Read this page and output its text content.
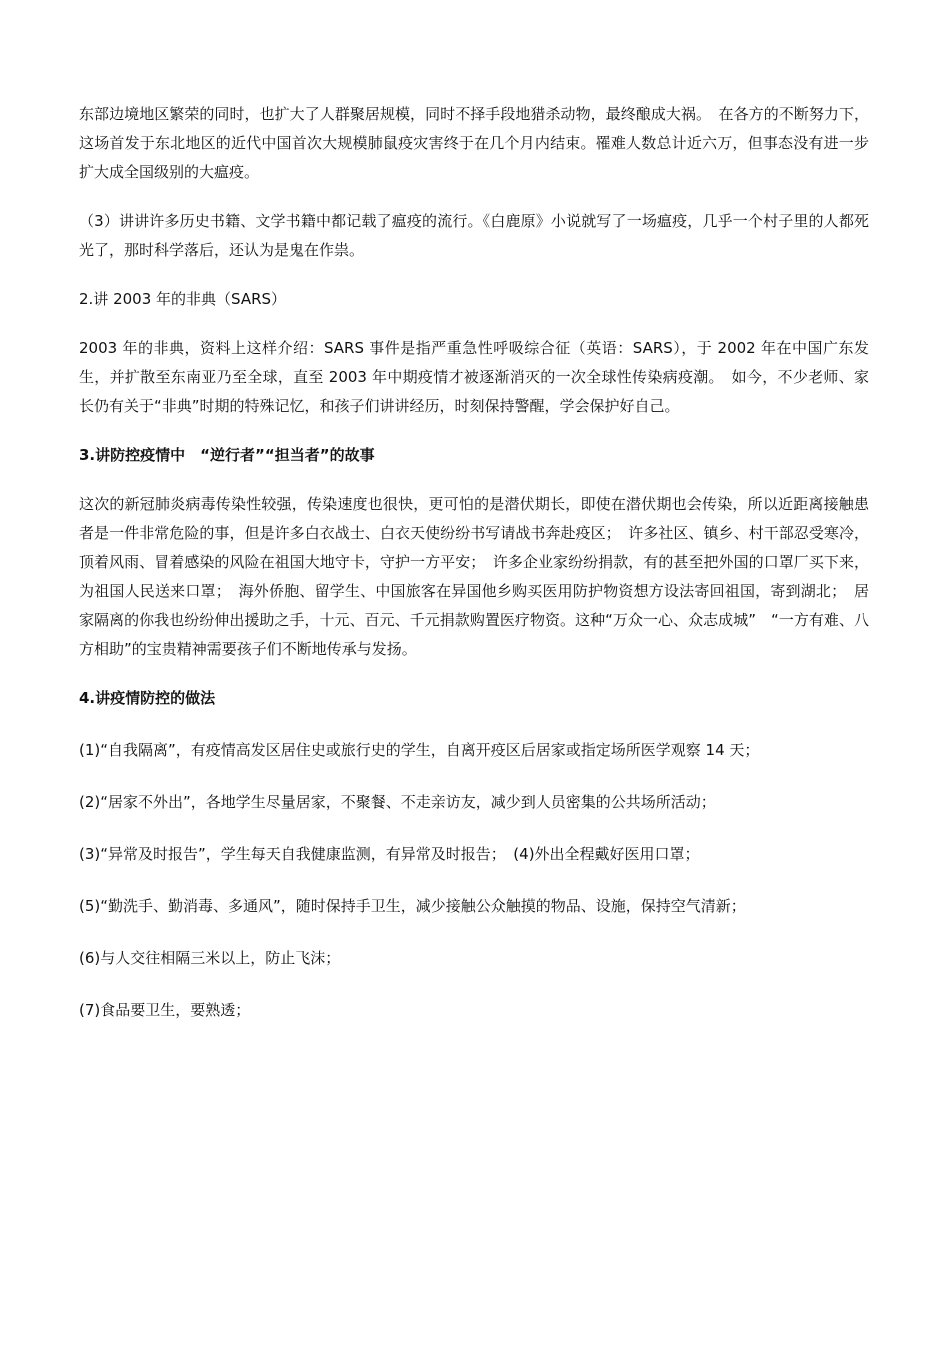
东部边境地区繁荣的同时，也扩大了人群聚居规模，同时不择手段地猎杀动物，最终酿成大祸。　在各方的不断努力下，这场首发于东北地区的近代中国首次大规模肺鼠疫灾害终于在几个月内结束。罹难人数总计近六万，但事态没有进一步扩大成全国级别的大瘟疫。

（3）讲讲许多历史书籍、文学书籍中都记载了瘟疫的流行。《白鹿原》小说就写了一场瘟疫，几乎一个村子里的人都死光了，那时科学落后，还认为是鬼在作祟。

2.讲 2003 年的非典（SARS）

2003 年的非典，资料上这样介绍：SARS 事件是指严重急性呼吸综合征（英语：SARS），于 2002 年在中国广东发生，并扩散至东南亚乃至全球，直至 2003 年中期疫情才被逐渐消灭的一次全球性传染病疫潮。　如今，不少老师、家长仍有关于“非典”时期的特殊记忆，和孩子们讲讲经历，时刻保持警醒，学会保护好自己。

3.讲防控疫情中　“逆行者”“担当者”的故事

这次的新冠肺炎病毒传染性较强，传染速度也很快，更可怕的是潜伏期长，即使在潜伏期也会传染，所以近距离接触患者是一件非常危险的事，但是许多白衣战士、白衣天使纷纷书写请战书奔赴疫区；　许多社区、镇乡、村干部忍受寒冷，顶着风雨、冒着感染的风险在祖国大地守卡，守护一方平安；　许多企业家纷纷捐款，有的甚至把外国的口罩厂买下来，为祖国人民送来口罩；　海外侨胞、留学生、中国旅客在异国他乡购买医用防护物资想方设法寄回祖国，寄到湖北；　居家隔离的你我也纷纷伸出援助之手，十元、百元、千元捐款购置医疗物资。这种“万众一心、众志成城”　“一方有难、八方相助”的宝贵精神需要孩子们不断地传承与发扬。

4.讲疫情防控的做法

(1)“自我隔离”，有疫情高发区居住史或旅行史的学生，自离开疫区后居家或指定场所医学观察 14 天；

(2)“居家不外出”，各地学生尽量居家，不聚餐、不走亲访友，减少到人员密集的公共场所活动；

(3)“异常及时报告”，学生每天自我健康监测，有异常及时报告；　(4)外出全程戴好医用口罩；

(5)“勤洗手、勤消毒、多通风”，随时保持手卫生，减少接触公众触摸的物品、设施，保持空气清新；

(6)与人交往相隔三米以上，防止飞沫；

(7)食品要卫生，要熟透；
